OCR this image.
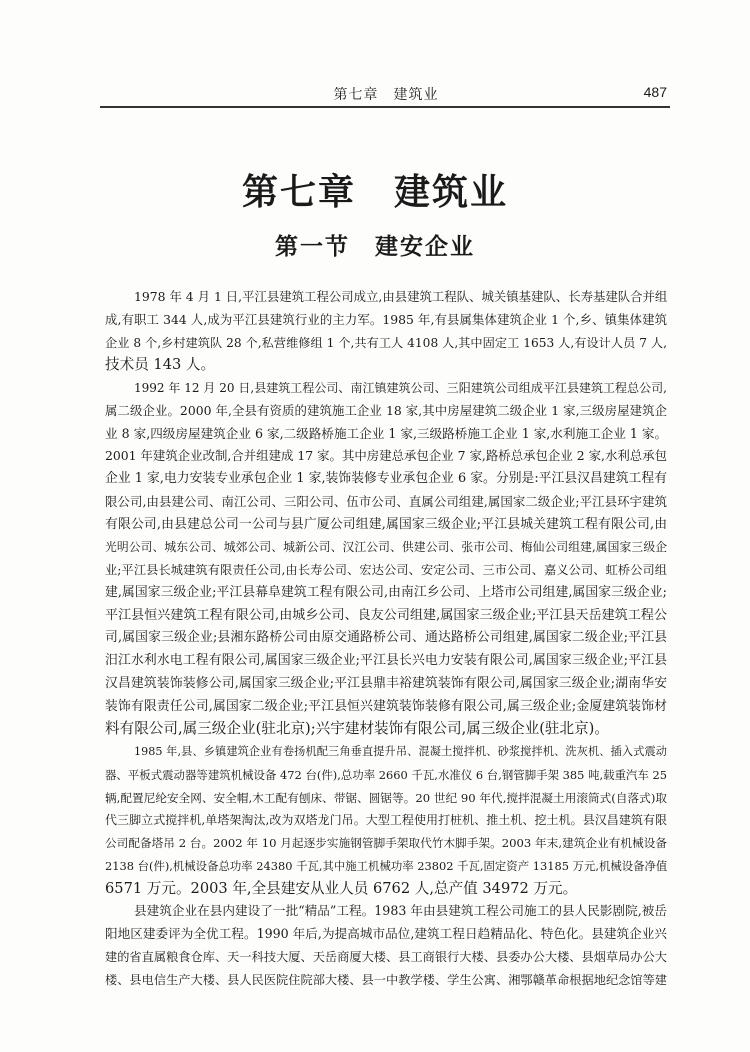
第七章　建筑业	487
第七章　建筑业
第一节　建安企业
1978 年 4 月 1 日,平江县建筑工程公司成立,由县建筑工程队、城关镇基建队、长寿基建队合并组
成,有职工 344 人,成为平江县建筑行业的主力军。1985 年,有县属集体建筑企业 1 个,乡、镇集体建筑
企业 8 个,乡村建筑队 28 个,私营维修组 1 个,共有工人 4108 人,其中固定工 1653 人,有设计人员 7 人,
技术员 143 人。
1992 年 12 月 20 日,县建筑工程公司、南江镇建筑公司、三阳建筑公司组成平江县建筑工程总公司,
属二级企业。2000 年,全县有资质的建筑施工企业 18 家,其中房屋建筑二级企业 1 家,三级房屋建筑企
业 8 家,四级房屋建筑企业 6 家,二级路桥施工企业 1 家,三级路桥施工企业 1 家,水利施工企业 1 家。
2001 年建筑企业改制,合并组建成 17 家。其中房建总承包企业 7 家,路桥总承包企业 2 家,水利总承包
企业 1 家,电力安装专业承包企业 1 家,装饰装修专业承包企业 6 家。分别是:平江县汉昌建筑工程有
限公司,由县建公司、南江公司、三阳公司、伍市公司、直属公司组建,属国家二级企业;平江县环宇建筑
有限公司,由县建总公司一公司与县广厦公司组建,属国家三级企业;平江县城关建筑工程有限公司,由
光明公司、城东公司、城郊公司、城新公司、汉江公司、供建公司、张市公司、梅仙公司组建,属国家三级企
业;平江县长城建筑有限责任公司,由长寿公司、宏达公司、安定公司、三市公司、嘉义公司、虹桥公司组
建,属国家三级企业;平江县幕阜建筑工程有限公司,由南江乡公司、上塔市公司组建,属国家三级企业;
平江县恒兴建筑工程有限公司,由城乡公司、良友公司组建,属国家三级企业;平江县天岳建筑工程公
司,属国家三级企业;县湘东路桥公司由原交通路桥公司、通达路桥公司组建,属国家二级企业;平江县
汨江水利水电工程有限公司,属国家三级企业;平江县长兴电力安装有限公司,属国家三级企业;平江县
汉昌建筑装饰装修公司,属国家三级企业;平江县鼎丰裕建筑装饰有限公司,属国家三级企业;湖南华安
装饰有限责任公司,属国家二级企业;平江县恒兴建筑装饰装修有限公司,属三级企业;金厦建筑装饰材
料有限公司,属三级企业(驻北京);兴宇建材装饰有限公司,属三级企业(驻北京)。
1985 年,县、乡镇建筑企业有卷扬机配三角垂直提升吊、混凝土搅拌机、砂浆搅拌机、洗灰机、插入式震动
器、平板式震动器等建筑机械设备 472 台(件),总功率 2660 千瓦,水准仪 6 台,钢管脚手架 385 吨,载重汽车 25
辆,配置尼纶安全网、安全帽,木工配有刨床、带锯、圆锯等。20 世纪 90 年代,搅拌混凝土用滚筒式(自落式)取
代三脚立式搅拌机,单塔架淘汰,改为双塔龙门吊。大型工程使用打桩机、推土机、挖土机。县汉昌建筑有限
公司配备塔吊 2 台。2002 年 10 月起逐步实施钢管脚手架取代竹木脚手架。2003 年末,建筑企业有机械设备
2138 台(件),机械设备总功率 24380 千瓦,其中施工机械功率 23802 千瓦,固定资产 13185 万元,机械设备净值
6571 万元。2003 年,全县建安从业人员 6762 人,总产值 34972 万元。
县建筑企业在县内建设了一批“精品”工程。1983 年由县建筑工程公司施工的县人民影剧院,被岳
阳地区建委评为全优工程。1990 年后,为提高城市品位,建筑工程日趋精品化、特色化。县建筑企业兴
建的省直属粮食仓库、天一科技大厦、天岳商厦大楼、县工商银行大楼、县委办公大楼、县烟草局办公大
楼、县电信生产大楼、县人民医院住院部大楼、县一中教学楼、学生公寓、湘鄂赣革命根据地纪念馆等建
